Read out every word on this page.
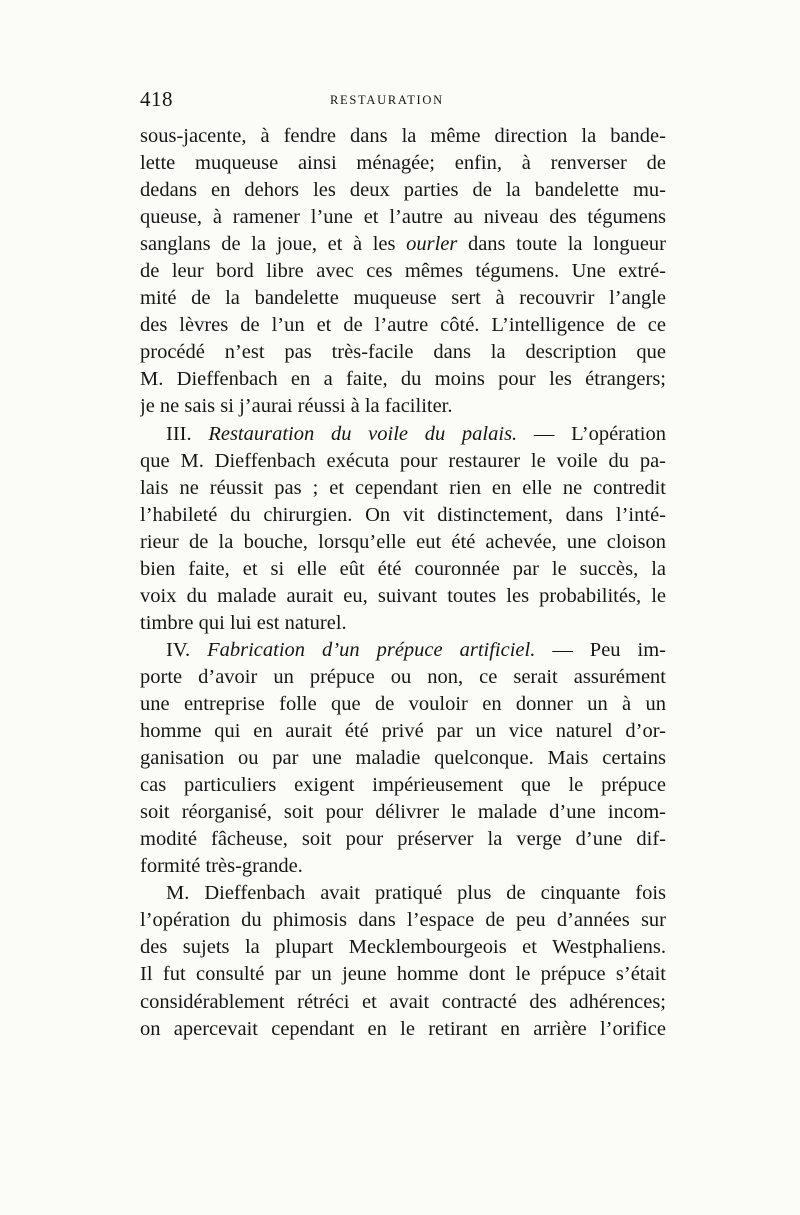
418	RESTAURATION
sous-jacente, à fendre dans la même direction la bande-
lette muqueuse ainsi ménagée; enfin, à renverser de
dedans en dehors les deux parties de la bandelette mu-
queuse, à ramener l’une et l’autre au niveau des tégumens
sanglans de la joue, et à les ourler dans toute la longueur
de leur bord libre avec ces mêmes tégumens. Une extré-
mité de la bandelette muqueuse sert à recouvrir l’angle
des lèvres de l’un et de l’autre côté. L’intelligence de ce
procédé n’est pas très-facile dans la description que
M. Dieffenbach en a faite, du moins pour les étrangers;
je ne sais si j’aurai réussi à la faciliter.
III. Restauration du voile du palais. — L’opération
que M. Dieffenbach exécuta pour restaurer le voile du pa-
lais ne réussit pas ; et cependant rien en elle ne contredit
l’habileté du chirurgien. On vit distinctement, dans l’inté-
rieur de la bouche, lorsqu’elle eut été achevée, une cloison
bien faite, et si elle eût été couronnée par le succès, la
voix du malade aurait eu, suivant toutes les probabilités, le
timbre qui lui est naturel.
IV. Fabrication d’un prépuce artificiel. — Peu im-
porte d’avoir un prépuce ou non, ce serait assurément
une entreprise folle que de vouloir en donner un à un
homme qui en aurait été privé par un vice naturel d’or-
ganisation ou par une maladie quelconque. Mais certains
cas particuliers exigent impérieusement que le prépuce
soit réorganisé, soit pour délivrer le malade d’une incom-
modité fâcheuse, soit pour préserver la verge d’une dif-
formité très-grande.
M. Dieffenbach avait pratiqué plus de cinquante fois
l’opération du phimosis dans l’espace de peu d’années sur
des sujets la plupart Mecklembourgeois et Westphaliens.
Il fut consulté par un jeune homme dont le prépuce s’était
considérablement rétréci et avait contracté des adhérences;
on apercevait cependant en le retirant en arrière l’orifice
